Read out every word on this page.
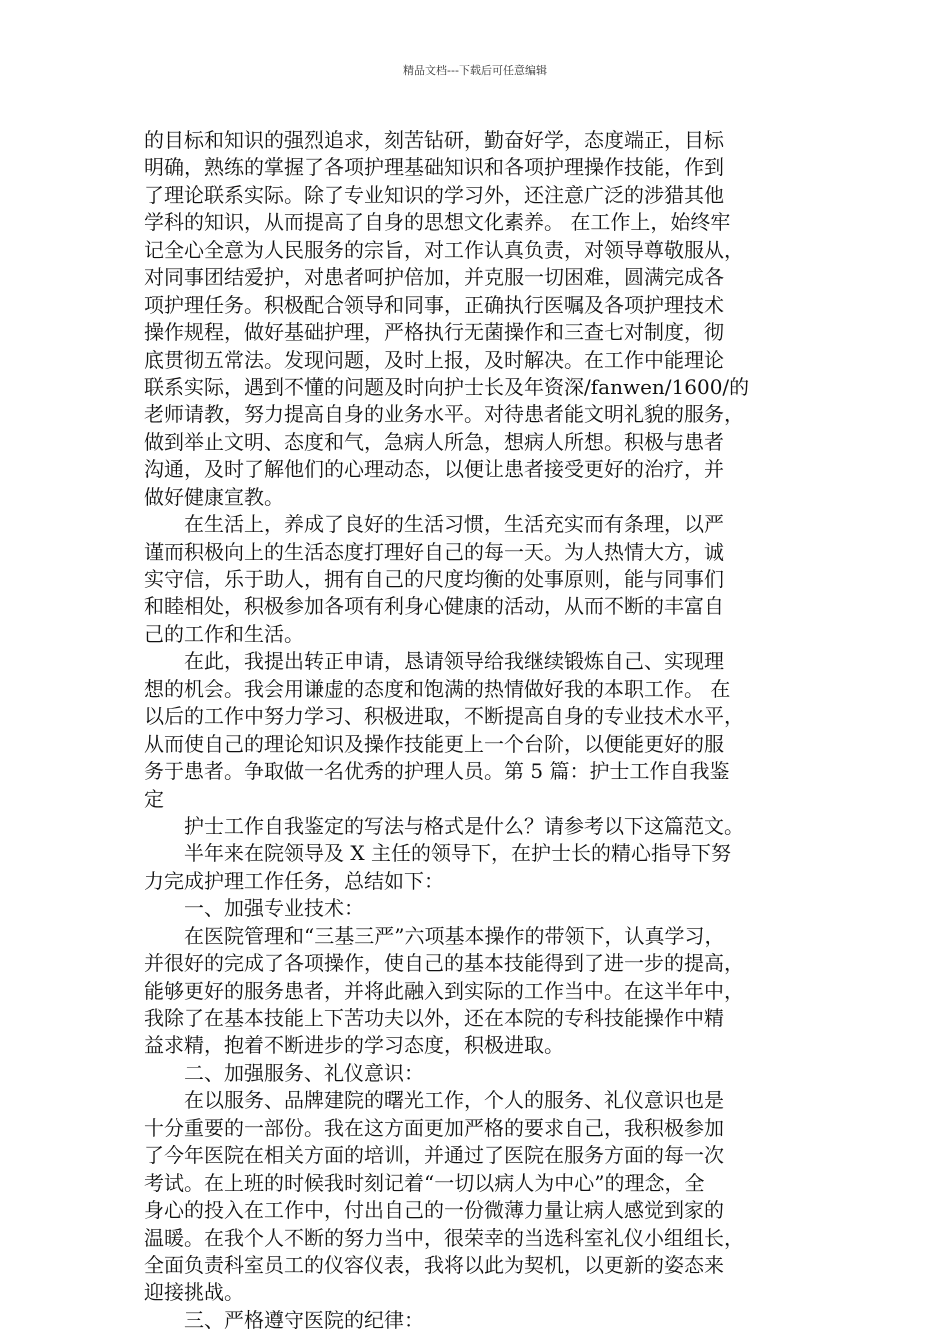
精品文档---下载后可任意编辑
的目标和知识的强烈追求，刻苦钻研，勤奋好学，态度端正，目标
明确，熟练的掌握了各项护理基础知识和各项护理操作技能，作到
了理论联系实际。除了专业知识的学习外，还注意广泛的涉猎其他
学科的知识，从而提高了自身的思想文化素养。 在工作上，始终牢
记全心全意为人民服务的宗旨，对工作认真负责，对领导尊敬服从，
对同事团结爱护，对患者呵护倍加，并克服一切困难，圆满完成各
项护理任务。积极配合领导和同事，正确执行医嘱及各项护理技术
操作规程，做好基础护理，严格执行无菌操作和三查七对制度，彻
底贯彻五常法。发现问题，及时上报，及时解决。在工作中能理论
联系实际，遇到不懂的问题及时向护士长及年资深/fanwen/1600/的
老师请教，努力提高自身的业务水平。对待患者能文明礼貌的服务，
做到举止文明、态度和气，急病人所急，想病人所想。积极与患者
沟通，及时了解他们的心理动态，以便让患者接受更好的治疗，并
做好健康宣教。
　　在生活上，养成了良好的生活习惯，生活充实而有条理，以严
谨而积极向上的生活态度打理好自己的每一天。为人热情大方，诚
实守信，乐于助人，拥有自己的尺度均衡的处事原则，能与同事们
和睦相处，积极参加各项有利身心健康的活动，从而不断的丰富自
己的工作和生活。
　　在此，我提出转正申请，恳请领导给我继续锻炼自己、实现理
想的机会。我会用谦虚的态度和饱满的热情做好我的本职工作。 在
以后的工作中努力学习、积极进取，不断提高自身的专业技术水平，
从而使自己的理论知识及操作技能更上一个台阶，以便能更好的服
务于患者。争取做一名优秀的护理人员。第 5 篇：护士工作自我鉴
定
　　护士工作自我鉴定的写法与格式是什么？请参考以下这篇范文。
　　半年来在院领导及 X 主任的领导下，在护士长的精心指导下努
力完成护理工作任务，总结如下：
　　一、加强专业技术：
　　在医院管理和“三基三严”六项基本操作的带领下，认真学习，
并很好的完成了各项操作，使自己的基本技能得到了进一步的提高，
能够更好的服务患者，并将此融入到实际的工作当中。在这半年中，
我除了在基本技能上下苦功夫以外，还在本院的专科技能操作中精
益求精，抱着不断进步的学习态度，积极进取。
　　二、加强服务、礼仪意识：
　　在以服务、品牌建院的曙光工作，个人的服务、礼仪意识也是
十分重要的一部份。我在这方面更加严格的要求自己，我积极参加
了今年医院在相关方面的培训，并通过了医院在服务方面的每一次
考试。在上班的时候我时刻记着“一切以病人为中心”的理念，全
身心的投入在工作中，付出自己的一份微薄力量让病人感觉到家的
温暖。在我个人不断的努力当中，很荣幸的当选科室礼仪小组组长，
全面负责科室员工的仪容仪表，我将以此为契机，以更新的姿态来
迎接挑战。
　　三、严格遵守医院的纪律：
